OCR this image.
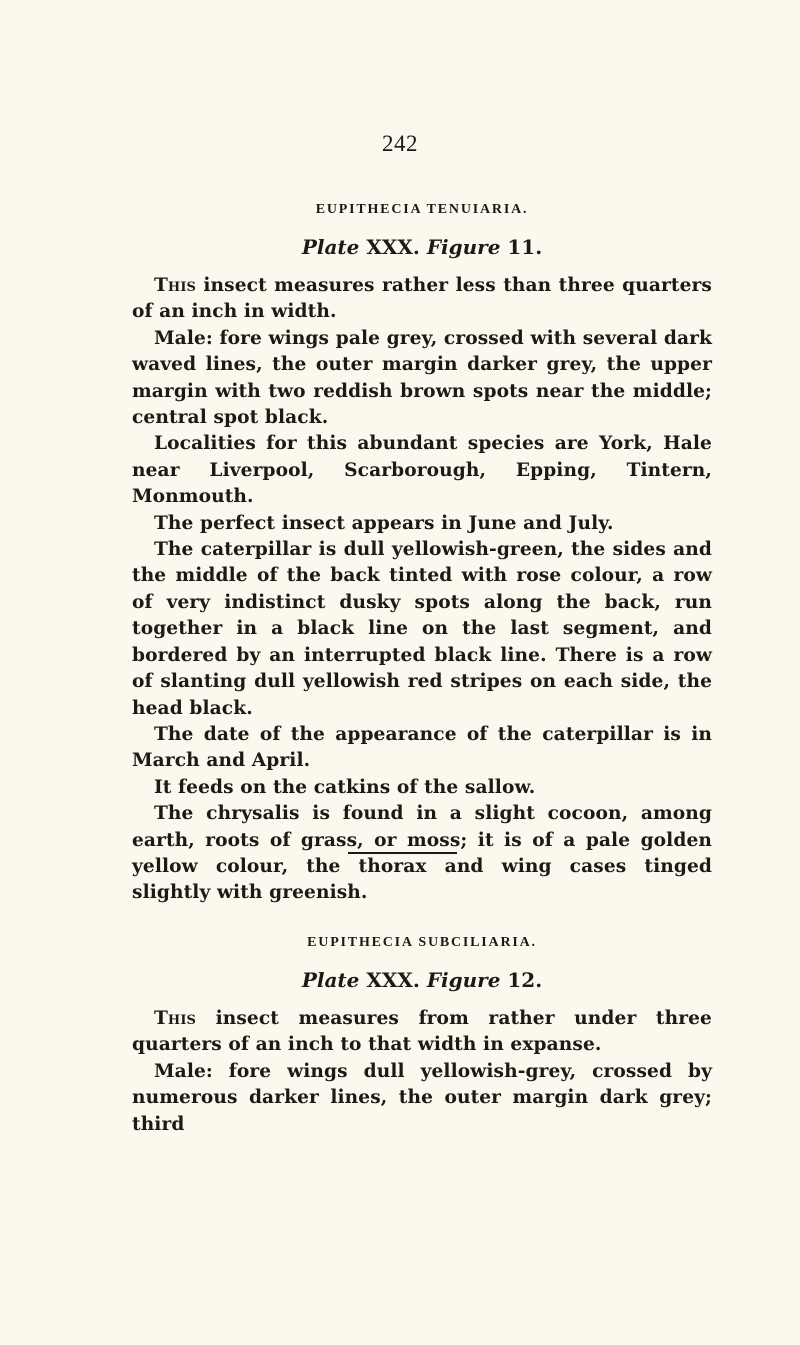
242

EUPITHECIA TENUIARIA.

Plate XXX. Figure 11.

This insect measures rather less than three quarters of an inch in width.

Male: fore wings pale grey, crossed with several dark waved lines, the outer margin darker grey, the upper margin with two reddish brown spots near the middle; central spot black.

Localities for this abundant species are York, Hale near Liverpool, Scarborough, Epping, Tintern, Monmouth.

The perfect insect appears in June and July.

The caterpillar is dull yellowish-green, the sides and the middle of the back tinted with rose colour, a row of very indistinct dusky spots along the back, run together in a black line on the last segment, and bordered by an interrupted black line. There is a row of slanting dull yellowish red stripes on each side, the head black.

The date of the appearance of the caterpillar is in March and April.

It feeds on the catkins of the sallow.

The chrysalis is found in a slight cocoon, among earth, roots of grass, or moss; it is of a pale golden yellow colour, the thorax and wing cases tinged slightly with greenish.

EUPITHECIA SUBCILIARIA.

Plate XXX. Figure 12.

This insect measures from rather under three quarters of an inch to that width in expanse.

Male: fore wings dull yellowish-grey, crossed by numerous darker lines, the outer margin dark grey; third
